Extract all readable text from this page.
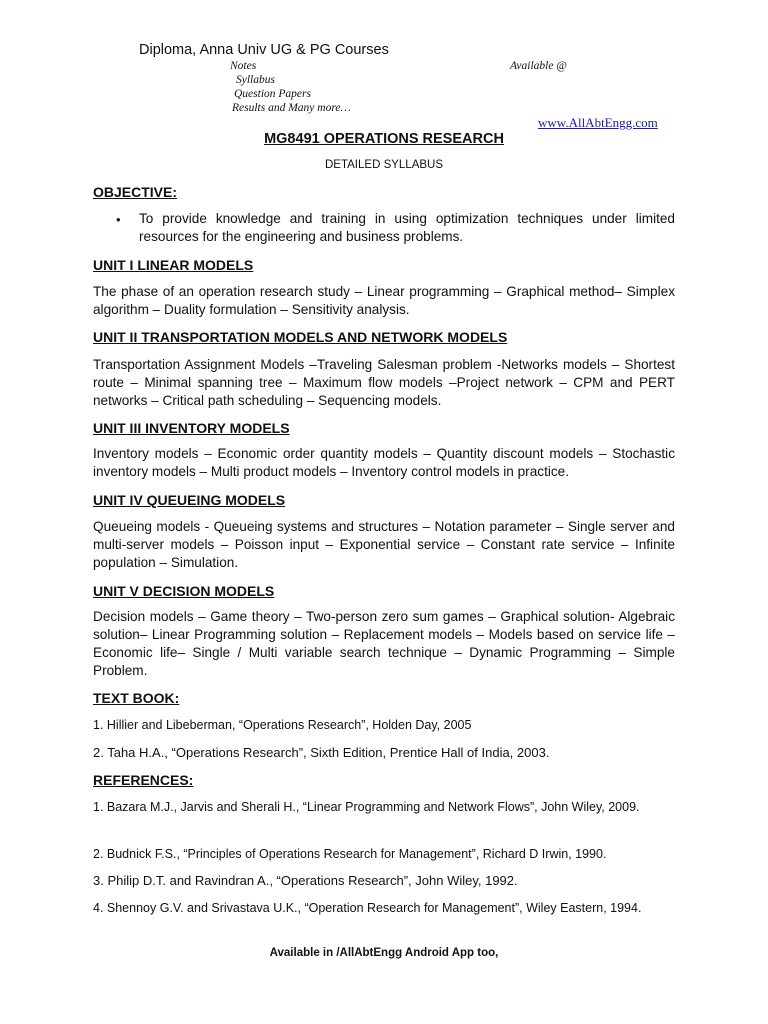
Diploma, Anna Univ UG & PG Courses
Notes
Syllabus
Question Papers
Results and Many more…
Available @
www.AllAbtEngg.com
MG8491 OPERATIONS RESEARCH
DETAILED SYLLABUS
OBJECTIVE:
• To provide knowledge and training in using optimization techniques under limited resources for the engineering and business problems.
UNIT I LINEAR MODELS
The phase of an operation research study – Linear programming – Graphical method– Simplex algorithm – Duality formulation – Sensitivity analysis.
UNIT II TRANSPORTATION MODELS AND NETWORK MODELS
Transportation Assignment Models –Traveling Salesman problem -Networks models – Shortest route – Minimal spanning tree – Maximum flow models –Project network – CPM and PERT networks – Critical path scheduling – Sequencing models.
UNIT III INVENTORY MODELS
Inventory models – Economic order quantity models – Quantity discount models – Stochastic inventory models – Multi product models – Inventory control models in practice.
UNIT IV QUEUEING MODELS
Queueing models - Queueing systems and structures – Notation parameter – Single server and multi-server models – Poisson input – Exponential service – Constant rate service – Infinite population – Simulation.
UNIT V DECISION MODELS
Decision models – Game theory – Two-person zero sum games – Graphical solution- Algebraic solution– Linear Programming solution – Replacement models – Models based on service life – Economic life– Single / Multi variable search technique – Dynamic Programming – Simple Problem.
TEXT BOOK:
1. Hillier and Libeberman, “Operations Research”, Holden Day, 2005
2. Taha H.A., “Operations Research”, Sixth Edition, Prentice Hall of India, 2003.
REFERENCES:
1. Bazara M.J., Jarvis and Sherali H., “Linear Programming and Network Flows”, John Wiley, 2009.
2. Budnick F.S., “Principles of Operations Research for Management”, Richard D Irwin, 1990.
3. Philip D.T. and Ravindran A., “Operations Research”, John Wiley, 1992.
4. Shennoy G.V. and Srivastava U.K., “Operation Research for Management”, Wiley Eastern, 1994.
Available in /AllAbtEngg Android App too,
